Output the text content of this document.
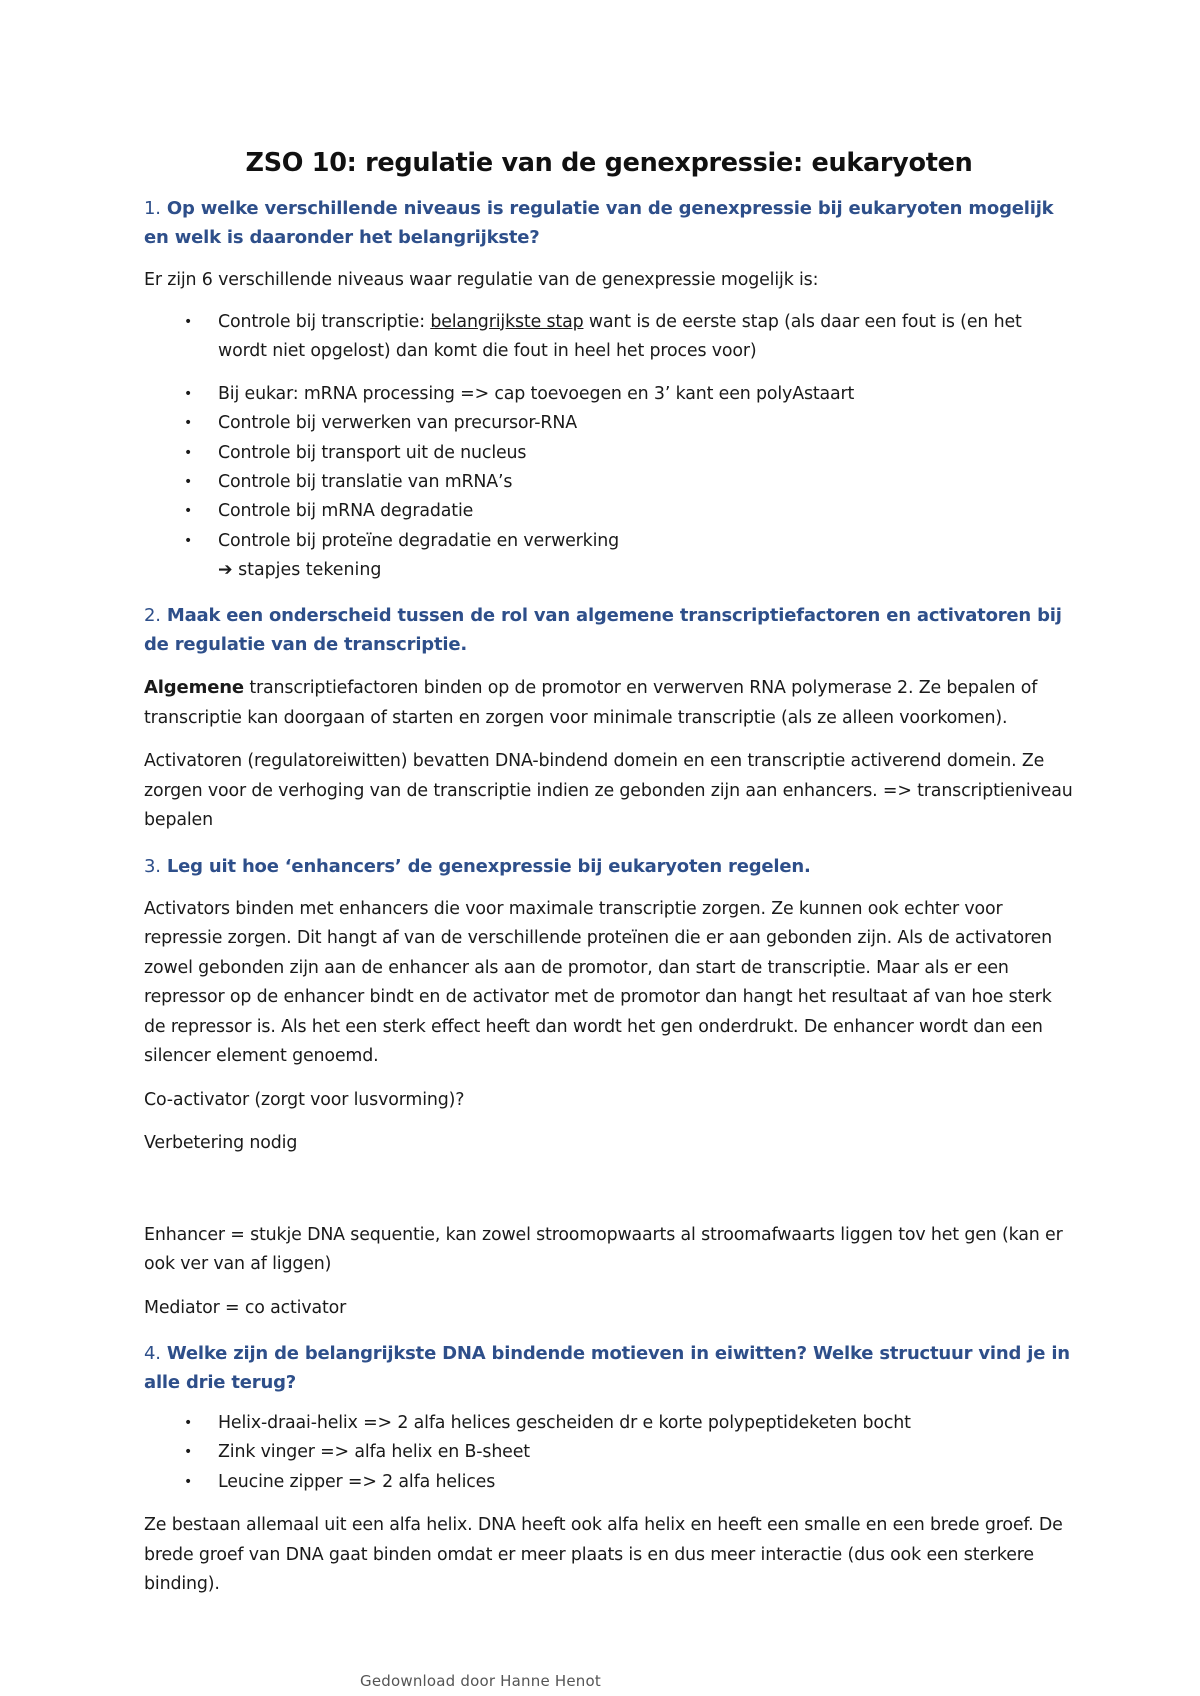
ZSO 10: regulatie van de genexpressie: eukaryoten
1. Op welke verschillende niveaus is regulatie van de genexpressie bij eukaryoten mogelijk en welk is daaronder het belangrijkste?

Er zijn 6 verschillende niveaus waar regulatie van de genexpressie mogelijk is:

• Controle bij transcriptie: belangrijkste stap want is de eerste stap (als daar een fout is (en het wordt niet opgelost) dan komt die fout in heel het proces voor)
• Bij eukar: mRNA processing => cap toevoegen en 3’ kant een polyAstaart
• Controle bij verwerken van precursor-RNA
• Controle bij transport uit de nucleus
• Controle bij translatie van mRNA’s
• Controle bij mRNA degradatie
• Controle bij proteïne degradatie en verwerking
➔ stapjes tekening
2. Maak een onderscheid tussen de rol van algemene transcriptiefactoren en activatoren bij de regulatie van de transcriptie.

Algemene transcriptiefactoren binden op de promotor en verwerven RNA polymerase 2. Ze bepalen of transcriptie kan doorgaan of starten en zorgen voor minimale transcriptie (als ze alleen voorkomen).

Activatoren (regulatoreiwitten) bevatten DNA-bindend domein en een transcriptie activerend domein. Ze zorgen voor de verhoging van de transcriptie indien ze gebonden zijn aan enhancers. => transcriptieniveau bepalen

3. Leg uit hoe ‘enhancers’ de genexpressie bij eukaryoten regelen.

Activators binden met enhancers die voor maximale transcriptie zorgen. Ze kunnen ook echter voor repressie zorgen. Dit hangt af van de verschillende proteïnen die er aan gebonden zijn. Als de activatoren zowel gebonden zijn aan de enhancer als aan de promotor, dan start de transcriptie. Maar als er een repressor op de enhancer bindt en de activator met de promotor dan hangt het resultaat af van hoe sterk de repressor is. Als het een sterk effect heeft dan wordt het gen onderdrukt. De enhancer wordt dan een silencer element genoemd.

Co-activator (zorgt voor lusvorming)?

Verbetering nodig

Enhancer = stukje DNA sequentie, kan zowel stroomopwaarts al stroomafwaarts liggen tov het gen (kan er ook ver van af liggen)

Mediator = co activator

4. Welke zijn de belangrijkste DNA bindende motieven in eiwitten? Welke structuur vind je in alle drie terug?
• Helix-draai-helix => 2 alfa helices gescheiden dr e korte polypeptideketen bocht
• Zink vinger => alfa helix en B-sheet
• Leucine zipper => 2 alfa helices

Ze bestaan allemaal uit een alfa helix. DNA heeft ook alfa helix en heeft een smalle en een brede groef. De brede groef van DNA gaat binden omdat er meer plaats is en dus meer interactie (dus ook een sterkere binding).

Gedownload door Hanne Henot
